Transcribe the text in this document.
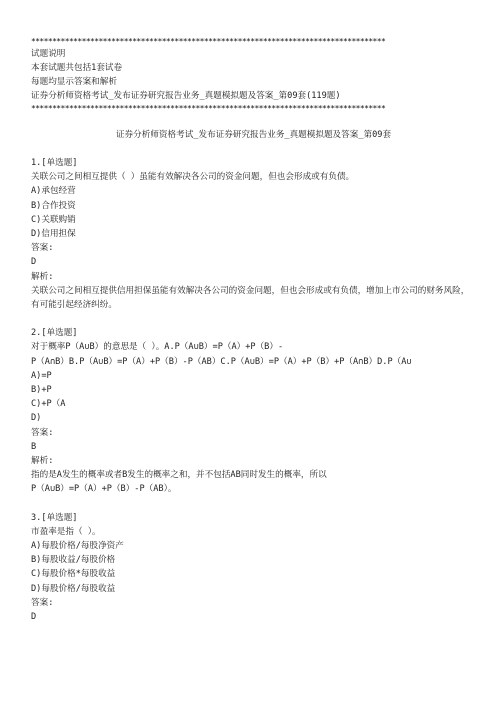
************************************************************************************
试题说明
本套试题共包括1套试卷
每题均显示答案和解析
证券分析师资格考试_发布证券研究报告业务_真题模拟题及答案_第09套(119题)
************************************************************************************
证券分析师资格考试_发布证券研究报告业务_真题模拟题及答案_第09套
1.[单选题]
关联公司之间相互提供（ ）虽能有效解决各公司的资金问题，但也会形成或有负债。
A)承包经营
B)合作投资
C)关联购销
D)信用担保
答案:
D
解析:
关联公司之间相互提供信用担保虽能有效解决各公司的资金问题，但也会形成或有负债，增加上市公司的财务风险，有可能引起经济纠纷。
2.[单选题]
对于概率P（A∪B）的意思是（ ）。A.P（A∪B）=P（A）+P（B）-
P（A∩B）B.P（A∪B）=P（A）+P（B）-P（AB）C.P（A∪B）=P（A）+P（B）+P（A∩B）D.P（A∪
A)=P
B)+P
C)+P（A
D)
答案:
B
解析:
指的是A发生的概率或者B发生的概率之和，并不包括AB同时发生的概率，所以
P（A∪B）=P（A）+P（B）-P（AB）。
3.[单选题]
市盈率是指（ ）。
A)每股价格/每股净资产
B)每股收益/每股价格
C)每股价格*每股收益
D)每股价格/每股收益
答案:
D
